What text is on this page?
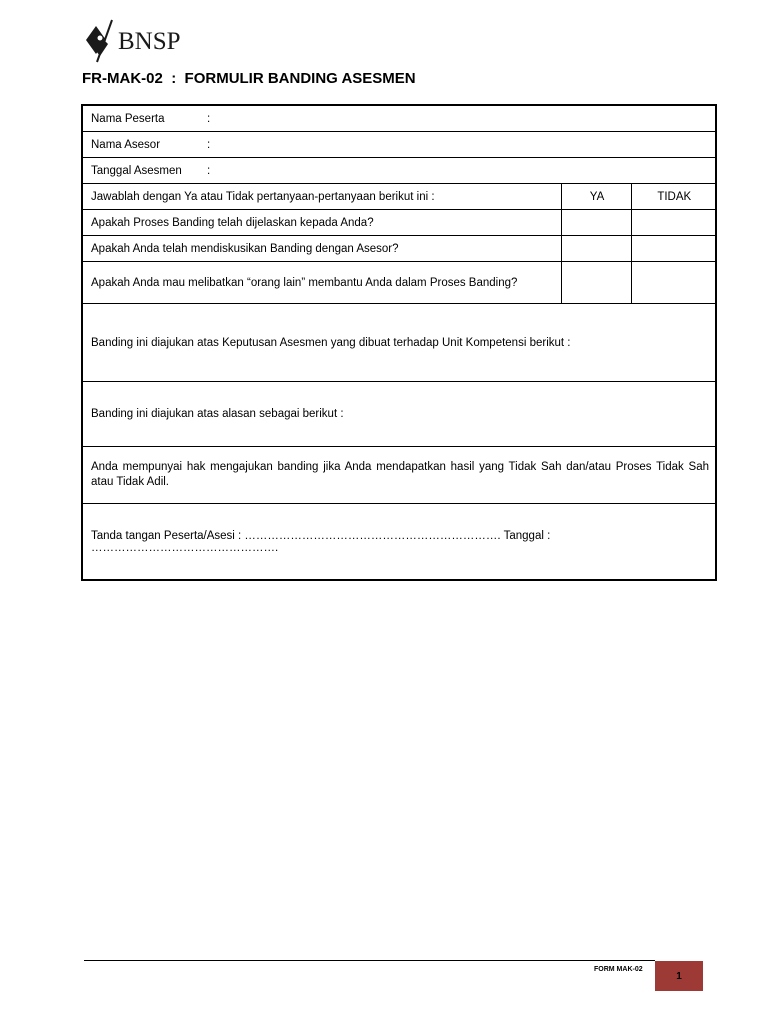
BNSP
FR-MAK-02 : FORMULIR BANDING ASESMEN
Nama Peserta :		
Nama Asesor :		
Tanggal Asesmen :		
Jawablah dengan Ya atau Tidak pertanyaan-pertanyaan berikut ini :	YA	TIDAK
Apakah Proses Banding telah dijelaskan kepada Anda?		
Apakah Anda telah mendiskusikan Banding dengan Asesor?		
Apakah Anda mau melibatkan “orang lain” membantu Anda dalam Proses Banding?		
Banding ini diajukan atas Keputusan Asesmen yang dibuat terhadap Unit Kompetensi berikut :		
Banding ini diajukan atas alasan sebagai berikut :		
Anda mempunyai hak mengajukan banding jika Anda mendapatkan hasil yang Tidak Sah dan/atau Proses Tidak Sah atau Tidak Adil.		
Tanda tangan Peserta/Asesi : …………………………………………………………. Tanggal : ………………………………………….		
FORM MAK-02
1
